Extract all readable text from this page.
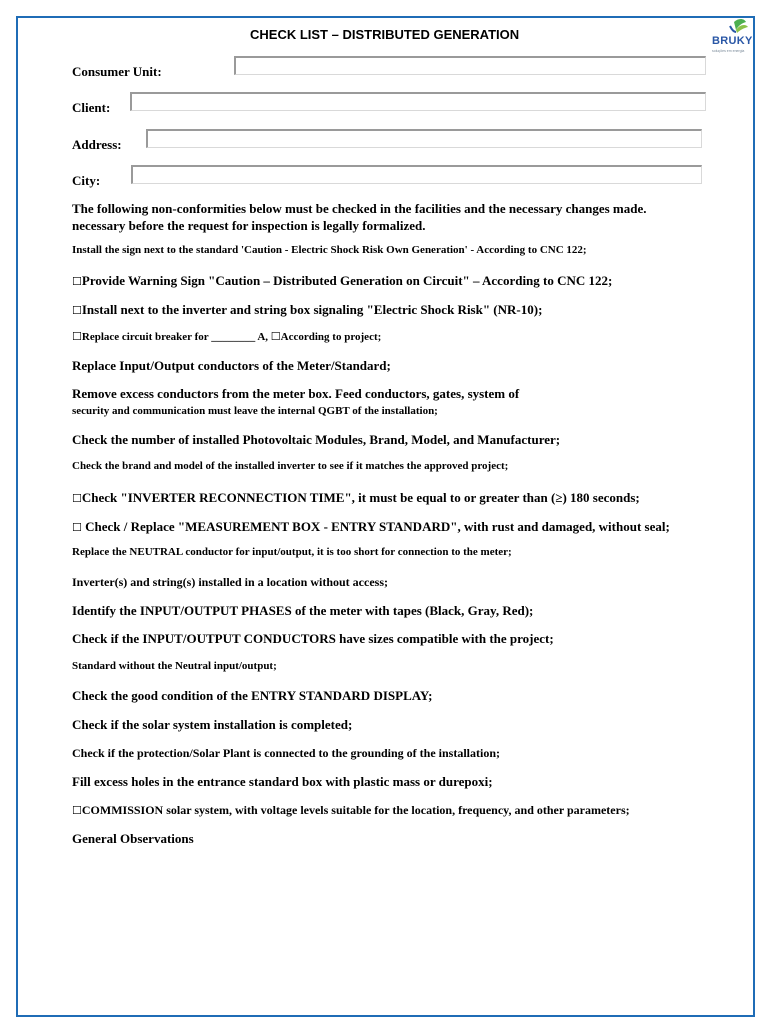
CHECK LIST – DISTRIBUTED GENERATION	BRUKY
soluções em energia
Consumer Unit:
Client:
Address:
City:
The following non-conformities below must be checked in the facilities and the necessary changes made.
necessary before the request for inspection is legally formalized.
Install the sign next to the standard 'Caution - Electric Shock Risk Own Generation' - According to CNC 122;
☐Provide Warning Sign "Caution – Distributed Generation on Circuit" – According to CNC 122;
☐Install next to the inverter and string box signaling "Electric Shock Risk" (NR-10);
☐Replace circuit breaker for ________ A, ☐According to project;
Replace Input/Output conductors of the Meter/Standard;
Remove excess conductors from the meter box. Feed conductors, gates, system of
security and communication must leave the internal QGBT of the installation;
Check the number of installed Photovoltaic Modules, Brand, Model, and Manufacturer;
Check the brand and model of the installed inverter to see if it matches the approved project;
☐Check "INVERTER RECONNECTION TIME", it must be equal to or greater than (≥) 180 seconds;
☐ Check / Replace "MEASUREMENT BOX - ENTRY STANDARD", with rust and damaged, without seal;
Replace the NEUTRAL conductor for input/output, it is too short for connection to the meter;
Inverter(s) and string(s) installed in a location without access;
Identify the INPUT/OUTPUT PHASES of the meter with tapes (Black, Gray, Red);
Check if the INPUT/OUTPUT CONDUCTORS have sizes compatible with the project;
Standard without the Neutral input/output;
Check the good condition of the ENTRY STANDARD DISPLAY;
Check if the solar system installation is completed;
Check if the protection/Solar Plant is connected to the grounding of the installation;
Fill excess holes in the entrance standard box with plastic mass or durepoxi;
☐COMMISSION solar system, with voltage levels suitable for the location, frequency, and other parameters;
General Observations
